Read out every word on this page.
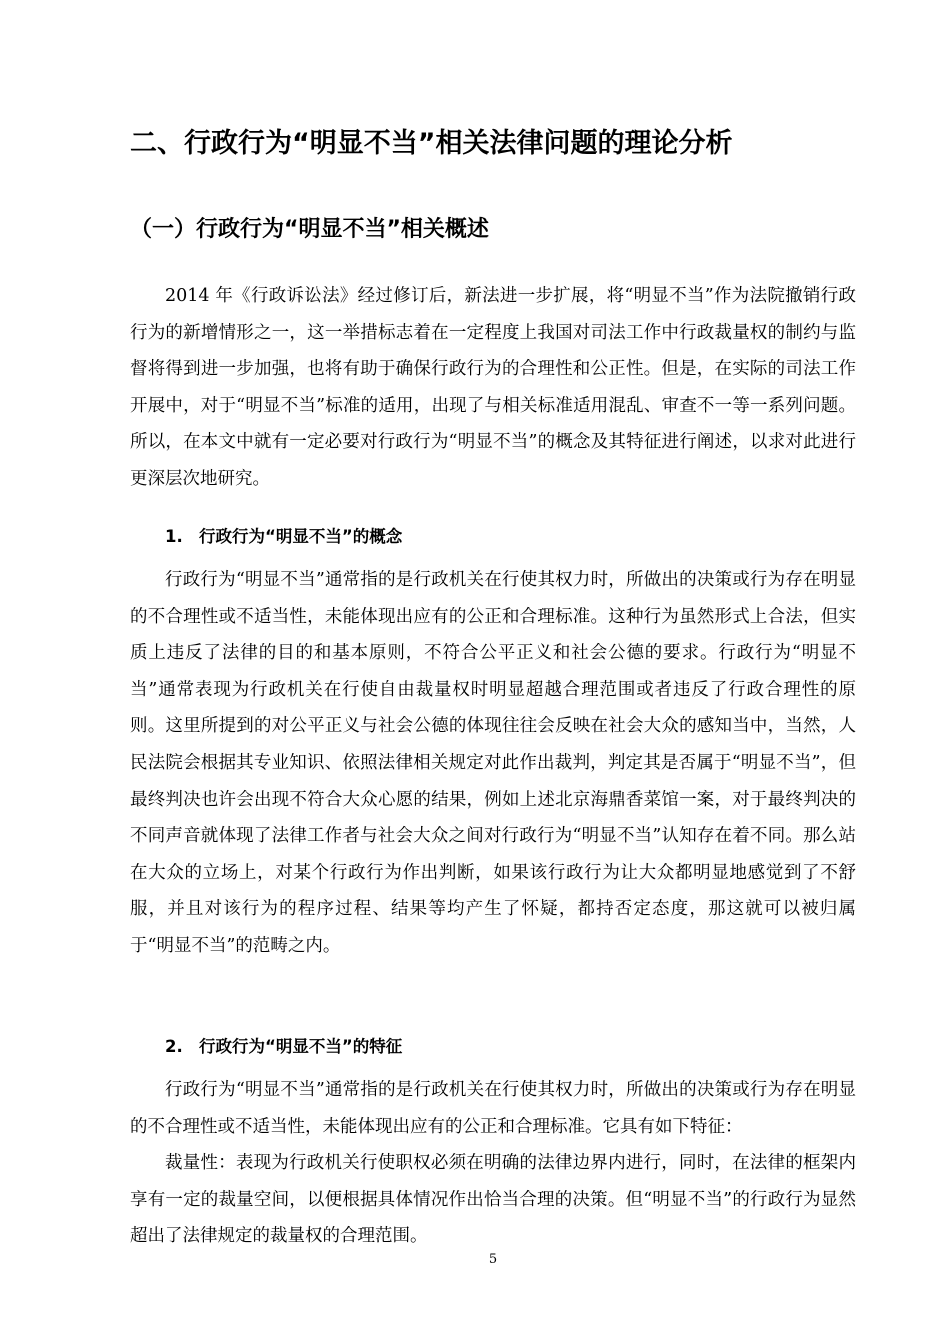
二、行政行为“明显不当”相关法律问题的理论分析
（一）行政行为“明显不当”相关概述

2014 年《行政诉讼法》经过修订后，新法进一步扩展，将“明显不当”作为法院撤销行政行为的新增情形之一，这一举措标志着在一定程度上我国对司法工作中行政裁量权的制约与监督将得到进一步加强，也将有助于确保行政行为的合理性和公正性。但是，在实际的司法工作开展中，对于“明显不当”标准的适用，出现了与相关标准适用混乱、审查不一等一系列问题。所以，在本文中就有一定必要对行政行为“明显不当”的概念及其特征进行阐述，以求对此进行更深层次地研究。

1. 行政行为“明显不当”的概念

行政行为“明显不当”通常指的是行政机关在行使其权力时，所做出的决策或行为存在明显的不合理性或不适当性，未能体现出应有的公正和合理标准。这种行为虽然形式上合法，但实质上违反了法律的目的和基本原则，不符合公平正义和社会公德的要求。行政行为“明显不当”通常表现为行政机关在行使自由裁量权时明显超越合理范围或者违反了行政合理性的原则。这里所提到的对公平正义与社会公德的体现往往会反映在社会大众的感知当中，当然，人民法院会根据其专业知识、依照法律相关规定对此作出裁判，判定其是否属于“明显不当”，但最终判决也许会出现不符合大众心愿的结果，例如上述北京海鼎香菜馆一案，对于最终判决的不同声音就体现了法律工作者与社会大众之间对行政行为“明显不当”认知存在着不同。那么站在大众的立场上，对某个行政行为作出判断，如果该行政行为让大众都明显地感觉到了不舒服，并且对该行为的程序过程、结果等均产生了怀疑，都持否定态度，那这就可以被归属于“明显不当”的范畴之内。

2. 行政行为“明显不当”的特征

行政行为“明显不当”通常指的是行政机关在行使其权力时，所做出的决策或行为存在明显的不合理性或不适当性，未能体现出应有的公正和合理标准。它具有如下特征：

裁量性：表现为行政机关行使职权必须在明确的法律边界内进行，同时，在法律的框架内享有一定的裁量空间，以便根据具体情况作出恰当合理的决策。但“明显不当”的行政行为显然超出了法律规定的裁量权的合理范围。

5
